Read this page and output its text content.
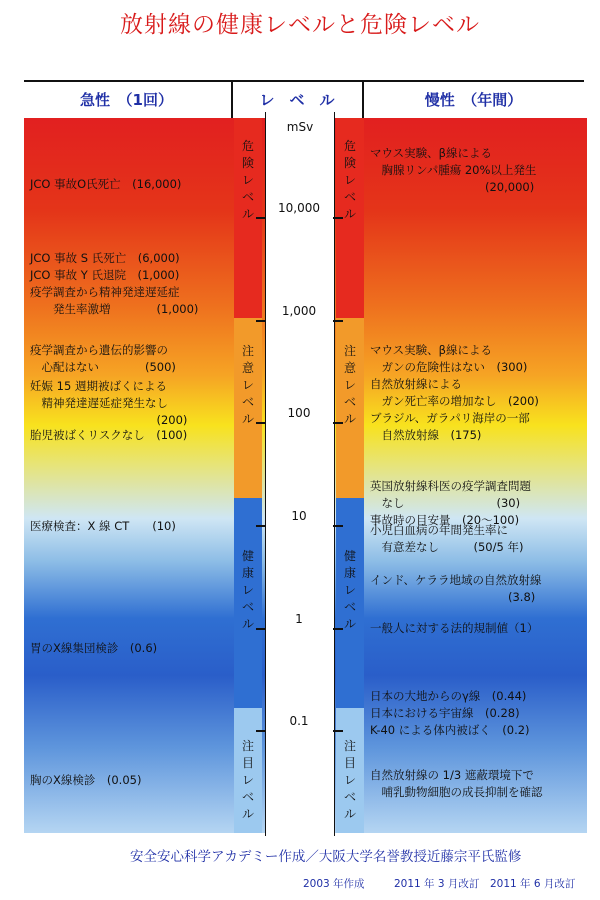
放射線の健康レベルと危険レベル
急性　（1回）	レ　ベ　ル	慢性　（年間）
mSv
危
険
レ
ベ
ル
注
意
レ
ベ
ル
健
康
レ
ベ
ル
注
目
レ
ベ
ル
危
険
レ
ベ
ル
注
意
レ
ベ
ル
健
康
レ
ベ
ル
注
目
レ
ベ
ル
10,000
1,000
100
10
1
0.1
JCO 事故O氏死亡　(16,000)
JCO 事故 S 氏死亡　(6,000)
JCO 事故 Y 氏退院　(1,000)
疫学調査から精神発達遅延症
　　発生率激増　　　　(1,000)
疫学調査から遺伝的影響の
　心配はない　　　　(500)
妊娠 15 週期被ばくによる
　精神発達遅延症発生なし
　　　　　　　　　　　(200)
胎児被ばくリスクなし　(100)
医療検査：X 線 CT　　(10)
胃のX線集団検診　(0.6)
胸のX線検診　(0.05)
マウス実験、β線による
　胸腺リンパ腫瘍 20%以上発生
　　　　　　　　　　(20,000)
マウス実験、β線による
　ガンの危険性はない　(300)
自然放射線による
　ガン死亡率の増加なし　(200)
ブラジル、ガラパリ海岸の一部
　自然放射線　(175)
英国放射線科医の疫学調査問題
　なし　　　　　　　　(30)
事故時の目安量　(20～100)
小児白血病の年間発生率に
　有意差なし　　　(50/5 年)
インド、ケララ地域の自然放射線
　　　　　　　　　　　　(3.8)
一般人に対する法的規制値（1）
日本の大地からのγ線　(0.44)
日本における宇宙線　(0.28)
K-40 による体内被ばく　(0.2)
自然放射線の 1/3 遮蔽環境下で
　哺乳動物細胞の成長抑制を確認
安全安心科学アカデミー作成／大阪大学名誉教授近藤宗平氏監修
2003 年作成	2011 年 3 月改訂 2011 年 6 月改訂
